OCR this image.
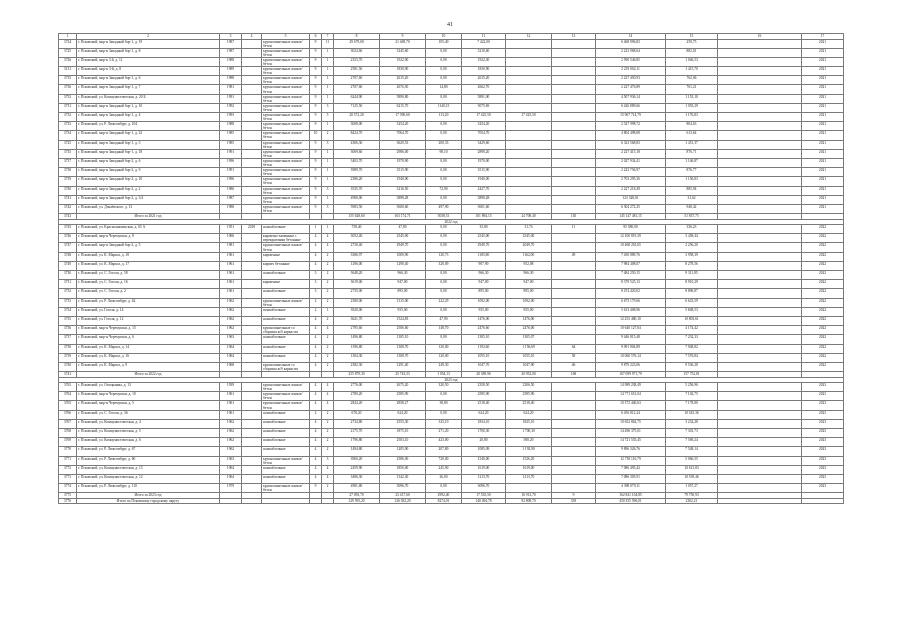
41
1	2	3	4	5	6	7	8	9	10	11	12	13	14	15	16	17
3724	г. Псковский, мкр-н Западный бор-1, д. 19	1987		крупнопанельные жилые/бетон	9	11	29 679,00	21 469,70	105,40	7 422,00			6 468 996,83	259,75		2021
3725	г. Псковский, мкр-н Западный бор-1, д. 8	1987		крупнопанельные жилые/бетон	9	1	3024,60	3245,60	0,00	3210,60			2 223 068,64	882,01		2021
3726	г. Псковский, мкр-н 3 й, д. 11	1988		крупнопанельные жилые/бетон	9	1	2353,70	1922,90	0,00	1922,30			2 590 546,85	1 046,53		2021
3131	г. Псковский, мкр-н 3-й, д. 8	1989		крупнопанельные жилые/бетон	9	1	2581,50	1830,90	0,00	1830,90			2 219 002,11	1 415,70		2021
3735	г. Псковский, мкр-н Западный бор-1, д. 6	1988		крупнопанельные жилые/бетон	9	1	2707,60	2615,20	0,00	2615,20			2 227 450,93	762,06		2021
3736	г. Псковский, мкр-н Западный бор-1, д. 7	1981		крупнопанельные жилые/бетон	9	1	2707,60	2676,50	14,80	2662,70			2 227 476,89	761,21		2021
3752	г. Псковский, ул. Коммунистическая, д. 20 Б	1991		крупнопанельные жилые/бетон	9	1	6244,90	5890,80	0,00	5891,00			4 507 936,14	1 153,10		2021
3731	г. Псковский, мкр-н Западный бор-1, д. 10	1992		крупнопанельные жилые/бетон	9	3	7125,50	6215,70	1140,15	5075,69			6 426 889,66	1 055,29		2021
3732	г. Псковский, мкр-н Западный бор-1, д. 4	1993		крупнопанельные жилые/бетон	9	5	20 572,20	17 390,60	113,20	17 425,50	17 425,50		15 967 714,79	1 176,83		2021
3733	г. Псковский, ул. Р. Люксембург, д. 104	1988		крупнопанельные жилые/бетон	9	1	3008,00	3254,20	0,00	3254,20			2 327 998,72	804,63		2021
3734	г. Псковский, мкр-н Западный бор-1, д. 22	1985		крупнопанельные жилые/бетон	10	2	8424,70	7064,70	0,00	7054,70			4 804 498,08	613,64		2021
3725	г. Псковский, мкр-н Западный бор-1, д. 3	1985		крупнопанельные жилые/бетон	9	3	4306,30	3629,53	200,33	3429,60			6 323 568,83	1 451,37		2021
3735	г. Псковский, мкр-н Западный бор-1, д. 18	1991		крупнопанельные жилые/бетон	9	1	3069,60	2986,00	98,10	2898,20			2 227 415,18	876,71		2021
3737	г. Псковский, мкр-н Западный бор-2, д. 6	1996		крупнопанельные жилые/бетон	9	1	3403,70	1970,90	0,00	1970,00			2 027 934,41	1 146,87		2021
3738	г. Псковский, мкр-н Западный бор-2, д. 9	1991		крупнопанельные жилые/бетон	9	1	3989,70	3515,90	0,00	3515,90			2 223 756,97	876,77		2021
3739	г. Псковский, мкр-н Западный бор-2, д. 10	1996		крупнопанельные жилые/бетон	9	1	2386,20	1940,00	0,00	1940,00			2 703 295,36	1 156,83		2021
3740	г. Псковский, мкр-н Западный бор-2, д. 2	1986		крупнопанельные жилые/бетон	9	3	3535,70	3216,50	72,90	2427,70			2 227 218,49	885,94		2021
3741	г. Псковский, мкр-н Западный бор-2, д. 3/4	1987		крупнопанельные жилые/бетон	9	1	4980,00	3898,28	0,00	3898,28			123 328,01	31,62		2021
3742	г. Псковский, ул. Дзнаёвского, д. 13	1988		крупнопанельные жилые/бетон	9	3	5983,50	5600,60	497,90	5601,60			6 304 272,25	948,42		2021
3743	Итого за 2021 год						155 628,60	163 174,71	5038,51	101 894,15	24 708,40	130	145 147 481,15	51 837,75		
2022 год																
3745	г. Псковский, ул. Краснознаменская, д. 65 А	1951	2018	шлакоблочные	1	1	758,40	47,80	0,00	35,80	31,74	11	95 580,00	336,23		2022
3746	г. Псковский, мкр-н Черемушки, д. 8	1966		кирпично-каменные с перекрытиями бетонные	4	4	3052,40	2545,00	0,00	2545,00	2545,00		12 100 819,39	3 458,44		2022
3747	г. Псковский, мкр-н Западный бор-2, д. 5	1981		крупнопанельные жилые/бетон	4	4	2730,40	2949,70	0,00	2949,70	2049,70		10 468 201,65	2 256,20		2022
3748	г. Псковский, ул. К. Маркса, д. 18	1961		кирпичные	4	2	3386,97	1000,90	120,73	1185,80	1162,00	49	7 450 889,76	3 958,39		2022
3749	г. Псковский, ул. К. Маркса, д. 17	1961		кирпич бетонные	4	2	1296,00	1290,40	320,09	907,90	952,08		7 984 408,07	8 278,56		2022
3730	г. Псковский, ул. С. Гоголя, д. 58	1961		шлакоблочные	3	2	3648,20	966,30	0,00	966,30	966,30		7 484 250,15	9 311,85		2022
3731	г. Псковский, ул. С. Гоголя, д. 16	1961		кирпичные	3	2	3619,00	947,00	0,00	947,00	947,00		8 379 525,13	8 910,29		2022
3732	г. Псковский, ул. С. Гоголя, д. 2	1961		шлакоблочные	3	2	2735,00	895,00	0,00	895,00	895,00		8 474 420,02	8 896,87		2022
3733	г. Псковский, ул. Р. Люксембург, д. 62	1962		крупнопанельные жилые/бетон	2	2	2380,00	1315,00	222,29	1092,00	1092,00		6 675 179,66	6 623,59		2022
3734	г. Псковский, ул. Гоголя, д. 14	1962		шлакоблочные	2	1	3920,00	955,00	0,00	955,00	955,00		5 613 408,96	5 848,53		2022
3735	г. Псковский, ул. Гоголя, д. 12	1962		шлакоблочные	4	2	3621,70	1524,83	47,90	1476,00	1476,00		12 253 480,10	10 803,61		2022
3736	г. Псковский, мкр-н Черемушки, д. 15	1962		крупнопанельные со сборным ж/б каркасом	4	4	2795,60	2506,60	148,70	2476,60	2476,00		10 640 127,04	4 174,42		2022
3737	г. Псковский, мкр-н Черемушки, д. 6	1963		шлакоблочные	4	2	1496,80	1305,10	0,00	1305,10	1305,07		9 446 815,48	7 232,33		2022
3738	г. Псковский, ул. К. Маркса, д. 14	1964		шлакоблочные	4	2	1396,80	1308,70	120,00	1192,60	1 156,69	64	9 091 804,89	7 948,82		2022
3739	г. Псковский, ул. К. Маркса, д. 16	1964		шлакоблочные	4	2	1304,30	1308,70	120,00	1055,10	1055,10	58	10 060 576,14	7 576,84		2022
3740	г. Псковский, ул. К. Маркса, д. 9	1968		крупнопанельные со сборным ж/б каркасом	4	2	2382,30	1291,40	249,30	1047,70	1047,90	46	9 879 223,06	9 536,28		2022
3741	Итого за 2022 год						255 879,30	25 743,33	1 054,13	20 389,96	20 952,00	168	167 099 971,79	157 752,81		
2023 год																
3763	г. Псковский, ул. Опоцкаяны, д. 13	1939		крупнопанельные жилые/бетон	4	4	2776,00	2675,20	320,50	2358,50	2306,50		14 989 238,49	5 256,96		2023
3764	г. Псковский, мкр-н Черемушки, д. 10	1961		крупнопанельные жилые/бетон	4	4	2780,20	2585,90	0,00	2585,90	2585,90		14 771 651,04	7 102,75		2023
3765	г. Псковский, мкр-н Черемушки, д. 5	1961		крупнопанельные жилые/бетон	4	4	2844,20	2858,27	38,80	2518,40	2518,40		10 572 440,63	7 178,80		2023
3766	г. Псковский, ул. С. Гоголя, д. 36	1961		шлакоблочные	2	2	678,20	624,20	0,00	624,20	624,20		6 456 812,24	10 343,36		2023
3767	г. Псковский, ул. Коммунистическая, д. 4	1962		шлакоблочные	4	2	2734,80	2555,30	325,10	1834,10	1825,10		10 652 862,75	3 232,28		2023
3768	г. Псковский, ул. Коммунистическая, д. 5	1962		шлакоблочные	4	2	2175,70	1875,10	271,20	1700,30	1 700,30		14 496 375,01	7 301,73		2023
3769	г. Псковский, ул. Коммунистическая, д. 6	1962		шлакоблочные	4	2	1796,80	2503,10	423,00	20,80	580,20		14 721 535,45	7 569,24		2023
3770	г. Псковский, ул. Р. Люксембург, д. 67	1962		шлакоблочные	4	2	1494,80	1205,90	207,80	1085,09	1 192,90		9 896 326,76	7 548,14		2023
3771	г. Псковский, ул. Р. Люксембург, д. 60	1963		крупнопанельные жилые/бетон	4	3	3960,20	2586,00	720,00	1540,00	1526,20		12 738 116,79	5 066,55		2023
3772	г. Псковский, ул. Коммунистическая, д. 13	1964		шлакоблочные	4	4	2459,90	1856,00	245,00	1619,00	1619,00		7 086 495,42	10 613,83		2023
3773	г. Псковский, ул. Коммунистическая, д. 12	1964		шлакоблочные	4	4	3486,30	1342,30	26,00	1213,70	1213,70		7 086 305,91	10 539,46		2023
3774	г. Псковский, ул. Р. Люксембург, д. 110	1979		крупнопанельные жилые/бетон	9	2	4981,80	3096,70	0,00	3096,70			4 398 079,11	1 057,27		2023
3775	Итого за 2023 год						27 093,70	23 417,60	2992,40	17 535,50	16 913,70	9	162 841 104,85	79 750,93		
3776	Итого по Псковскому городскому округу						129 595,20	126 032,20	8274,01	140 494,78	92 808,70	339	450 355 596,01	2302,21		
